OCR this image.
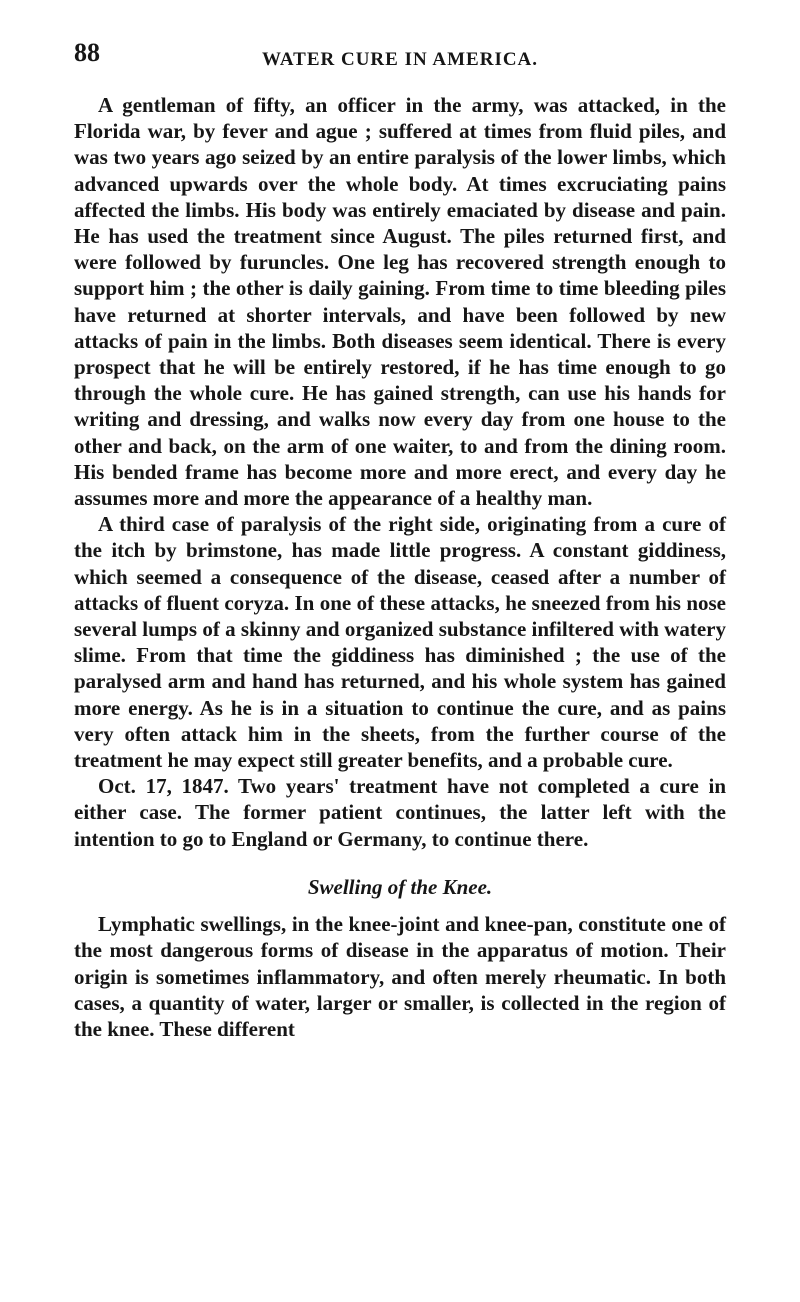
88	WATER CURE IN AMERICA.

A gentleman of fifty, an officer in the army, was attacked, in the Florida war, by fever and ague ; suffered at times from fluid piles, and was two years ago seized by an entire paralysis of the lower limbs, which advanced upwards over the whole body. At times excruciating pains affected the limbs. His body was entirely emaciated by disease and pain. He has used the treatment since August. The piles returned first, and were followed by furuncles. One leg has recovered strength enough to support him ; the other is daily gaining. From time to time bleeding piles have returned at shorter intervals, and have been followed by new attacks of pain in the limbs. Both diseases seem identical. There is every prospect that he will be entirely restored, if he has time enough to go through the whole cure. He has gained strength, can use his hands for writing and dressing, and walks now every day from one house to the other and back, on the arm of one waiter, to and from the dining room. His bended frame has become more and more erect, and every day he assumes more and more the appearance of a healthy man.

A third case of paralysis of the right side, originating from a cure of the itch by brimstone, has made little progress. A constant giddiness, which seemed a consequence of the disease, ceased after a number of attacks of fluent coryza. In one of these attacks, he sneezed from his nose several lumps of a skinny and organized substance infiltered with watery slime. From that time the giddiness has diminished ; the use of the paralysed arm and hand has returned, and his whole system has gained more energy. As he is in a situation to continue the cure, and as pains very often attack him in the sheets, from the further course of the treatment he may expect still greater benefits, and a probable cure.

Oct. 17, 1847. Two years' treatment have not completed a cure in either case. The former patient continues, the latter left with the intention to go to England or Germany, to continue there.

Swelling of the Knee.

Lymphatic swellings, in the knee-joint and knee-pan, constitute one of the most dangerous forms of disease in the apparatus of motion. Their origin is sometimes inflammatory, and often merely rheumatic. In both cases, a quantity of water, larger or smaller, is collected in the region of the knee. These different
